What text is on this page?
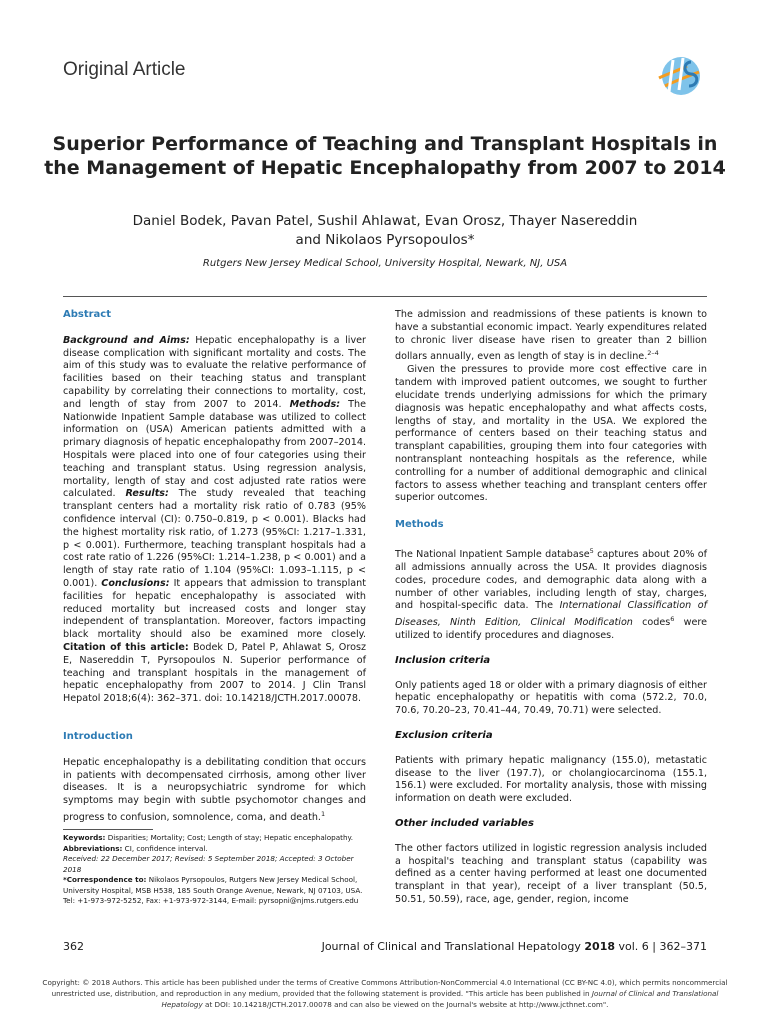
Original Article
Superior Performance of Teaching and Transplant Hospitals in the Management of Hepatic Encephalopathy from 2007 to 2014
Daniel Bodek, Pavan Patel, Sushil Ahlawat, Evan Orosz, Thayer Nasereddin
and Nikolaos Pyrsopoulos*
Rutgers New Jersey Medical School, University Hospital, Newark, NJ, USA
Abstract

Background and Aims: Hepatic encephalopathy is a liver disease complication with significant mortality and costs. The aim of this study was to evaluate the relative performance of facilities based on their teaching status and transplant capability by correlating their connections to mortality, cost, and length of stay from 2007 to 2014. Methods: The Nationwide Inpatient Sample database was utilized to collect information on (USA) American patients admitted with a primary diagnosis of hepatic encephalopathy from 2007–2014. Hospitals were placed into one of four categories using their teaching and transplant status. Using regression analysis, mortality, length of stay and cost adjusted rate ratios were calculated. Results: The study revealed that teaching transplant centers had a mortality risk ratio of 0.783 (95% confidence interval (CI): 0.750–0.819, p < 0.001). Blacks had the highest mortality risk ratio, of 1.273 (95%CI: 1.217–1.331, p < 0.001). Furthermore, teaching transplant hospitals had a cost rate ratio of 1.226 (95%CI: 1.214–1.238, p < 0.001) and a length of stay rate ratio of 1.104 (95%CI: 1.093–1.115, p < 0.001). Conclusions: It appears that admission to transplant facilities for hepatic encephalopathy is associated with reduced mortality but increased costs and longer stay independent of transplantation. Moreover, factors impacting black mortality should also be examined more closely. Citation of this article: Bodek D, Patel P, Ahlawat S, Orosz E, Nasereddin T, Pyrsopoulos N. Superior performance of teaching and transplant hospitals in the management of hepatic encephalopathy from 2007 to 2014. J Clin Transl Hepatol 2018;6(4): 362–371. doi: 10.14218/JCTH.2017.00078.

Introduction

Hepatic encephalopathy is a debilitating condition that occurs in patients with decompensated cirrhosis, among other liver diseases. It is a neuropsychiatric syndrome for which symptoms may begin with subtle psychomotor changes and progress to confusion, somnolence, coma, and death.$^1$

Keywords: Disparities; Mortality; Cost; Length of stay; Hepatic encephalopathy.
Abbreviations: CI, confidence interval.
Received: 22 December 2017; Revised: 5 September 2018; Accepted: 3 October 2018
*Correspondence to: Nikolaos Pyrsopoulos, Rutgers New Jersey Medical School, University Hospital, MSB H538, 185 South Orange Avenue, Newark, NJ 07103, USA. Tel: +1-973-972-5252, Fax: +1-973-972-3144, E-mail: pyrsopni@njms.rutgers.edu

The admission and readmissions of these patients is known to have a substantial economic impact. Yearly expenditures related to chronic liver disease have risen to greater than 2 billion dollars annually, even as length of stay is in decline.$^{2-4}$

Given the pressures to provide more cost effective care in tandem with improved patient outcomes, we sought to further elucidate trends underlying admissions for which the primary diagnosis was hepatic encephalopathy and what affects costs, lengths of stay, and mortality in the USA. We explored the performance of centers based on their teaching status and transplant capabilities, grouping them into four categories with nontransplant nonteaching hospitals as the reference, while controlling for a number of additional demographic and clinical factors to assess whether teaching and transplant centers offer superior outcomes.

Methods

The National Inpatient Sample database$^5$ captures about 20% of all admissions annually across the USA. It provides diagnosis codes, procedure codes, and demographic data along with a number of other variables, including length of stay, charges, and hospital-specific data. The International Classification of Diseases, Ninth Edition, Clinical Modification codes$^6$ were utilized to identify procedures and diagnoses.

Inclusion criteria

Only patients aged 18 or older with a primary diagnosis of either hepatic encephalopathy or hepatitis with coma (572.2, 70.0, 70.6, 70.20–23, 70.41–44, 70.49, 70.71) were selected.

Exclusion criteria

Patients with primary hepatic malignancy (155.0), metastatic disease to the liver (197.7), or cholangiocarcinoma (155.1, 156.1) were excluded. For mortality analysis, those with missing information on death were excluded.

Other included variables

The other factors utilized in logistic regression analysis included a hospital's teaching and transplant status (capability was defined as a center having performed at least one documented transplant in that year), receipt of a liver transplant (50.5, 50.51, 50.59), race, age, gender, region, income

362	Journal of Clinical and Translational Hepatology 2018 vol. 6 | 362–371
Copyright: © 2018 Authors. This article has been published under the terms of Creative Commons Attribution-NonCommercial 4.0 International (CC BY-NC 4.0), which permits noncommercial unrestricted use, distribution, and reproduction in any medium, provided that the following statement is provided. "This article has been published in Journal of Clinical and Translational Hepatology at DOI: 10.14218/JCTH.2017.00078 and can also be viewed on the Journal's website at http://www.jcthnet.com".
